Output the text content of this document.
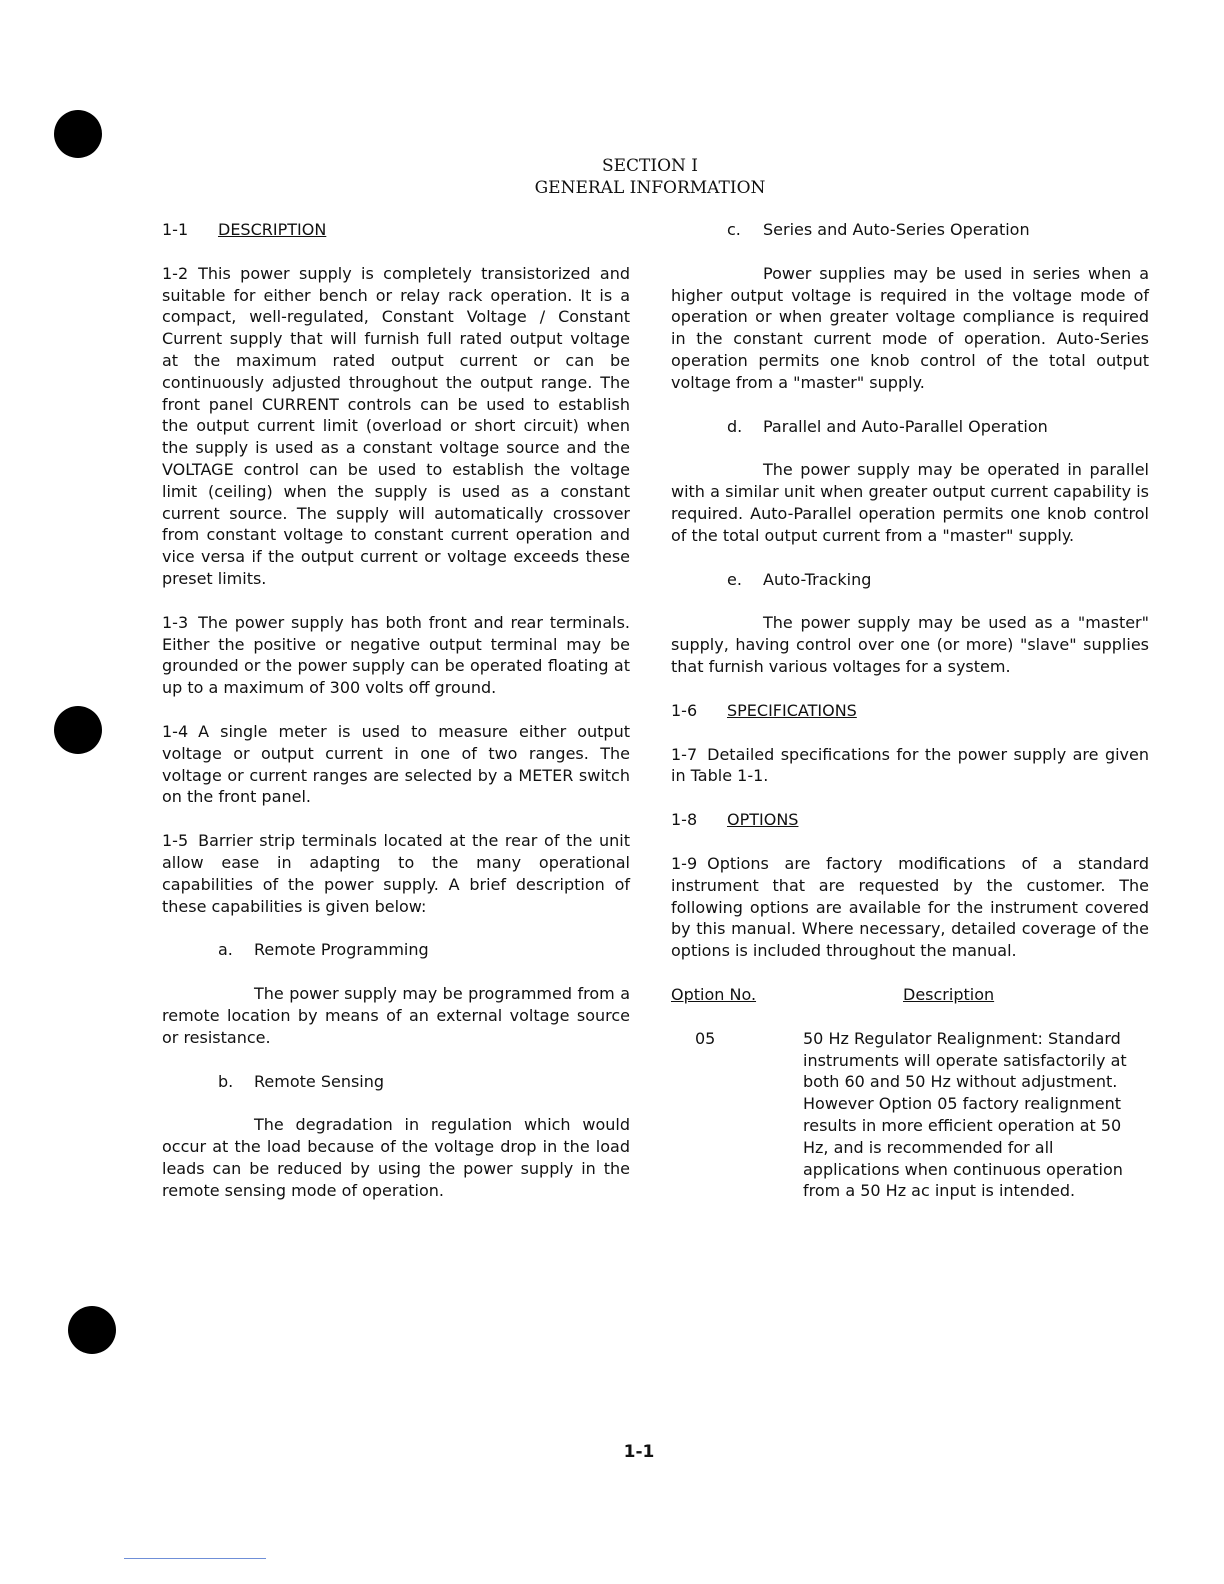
SECTION I
GENERAL INFORMATION
1-1 DESCRIPTION

1-2 This power supply is completely transistorized and suitable for either bench or relay rack operation. It is a compact, well-regulated, Constant Voltage / Constant Current supply that will furnish full rated output voltage at the maximum rated output current or can be continuously adjusted throughout the output range. The front panel CURRENT controls can be used to establish the output current limit (overload or short circuit) when the supply is used as a constant voltage source and the VOLTAGE control can be used to establish the voltage limit (ceiling) when the supply is used as a constant current source. The supply will automatically crossover from constant voltage to constant current operation and vice versa if the output current or voltage exceeds these preset limits.

1-3 The power supply has both front and rear terminals. Either the positive or negative output terminal may be grounded or the power supply can be operated floating at up to a maximum of 300 volts off ground.

1-4 A single meter is used to measure either output voltage or output current in one of two ranges. The voltage or current ranges are selected by a METER switch on the front panel.

1-5 Barrier strip terminals located at the rear of the unit allow ease in adapting to the many operational capabilities of the power supply. A brief description of these capabilities is given below:

a. Remote Programming

The power supply may be programmed from a remote location by means of an external voltage source or resistance.

b. Remote Sensing

The degradation in regulation which would occur at the load because of the voltage drop in the load leads can be reduced by using the power supply in the remote sensing mode of operation.

c. Series and Auto-Series Operation

Power supplies may be used in series when a higher output voltage is required in the voltage mode of operation or when greater voltage compliance is required in the constant current mode of operation. Auto-Series operation permits one knob control of the total output voltage from a "master" supply.

d. Parallel and Auto-Parallel Operation

The power supply may be operated in parallel with a similar unit when greater output current capability is required. Auto-Parallel operation permits one knob control of the total output current from a "master" supply.

e. Auto-Tracking

The power supply may be used as a "master" supply, having control over one (or more) "slave" supplies that furnish various voltages for a system.

1-6 SPECIFICATIONS

1-7 Detailed specifications for the power supply are given in Table 1-1.

1-8 OPTIONS

1-9 Options are factory modifications of a standard instrument that are requested by the customer. The following options are available for the instrument covered by this manual. Where necessary, detailed coverage of the options is included throughout the manual.

Option No.	Description
05	50 Hz Regulator Realignment: Standard instruments will operate satisfactorily at both 60 and 50 Hz without adjustment. However Option 05 factory realignment results in more efficient operation at 50 Hz, and is recommended for all applications when continuous operation from a 50 Hz ac input is intended.
1-1
